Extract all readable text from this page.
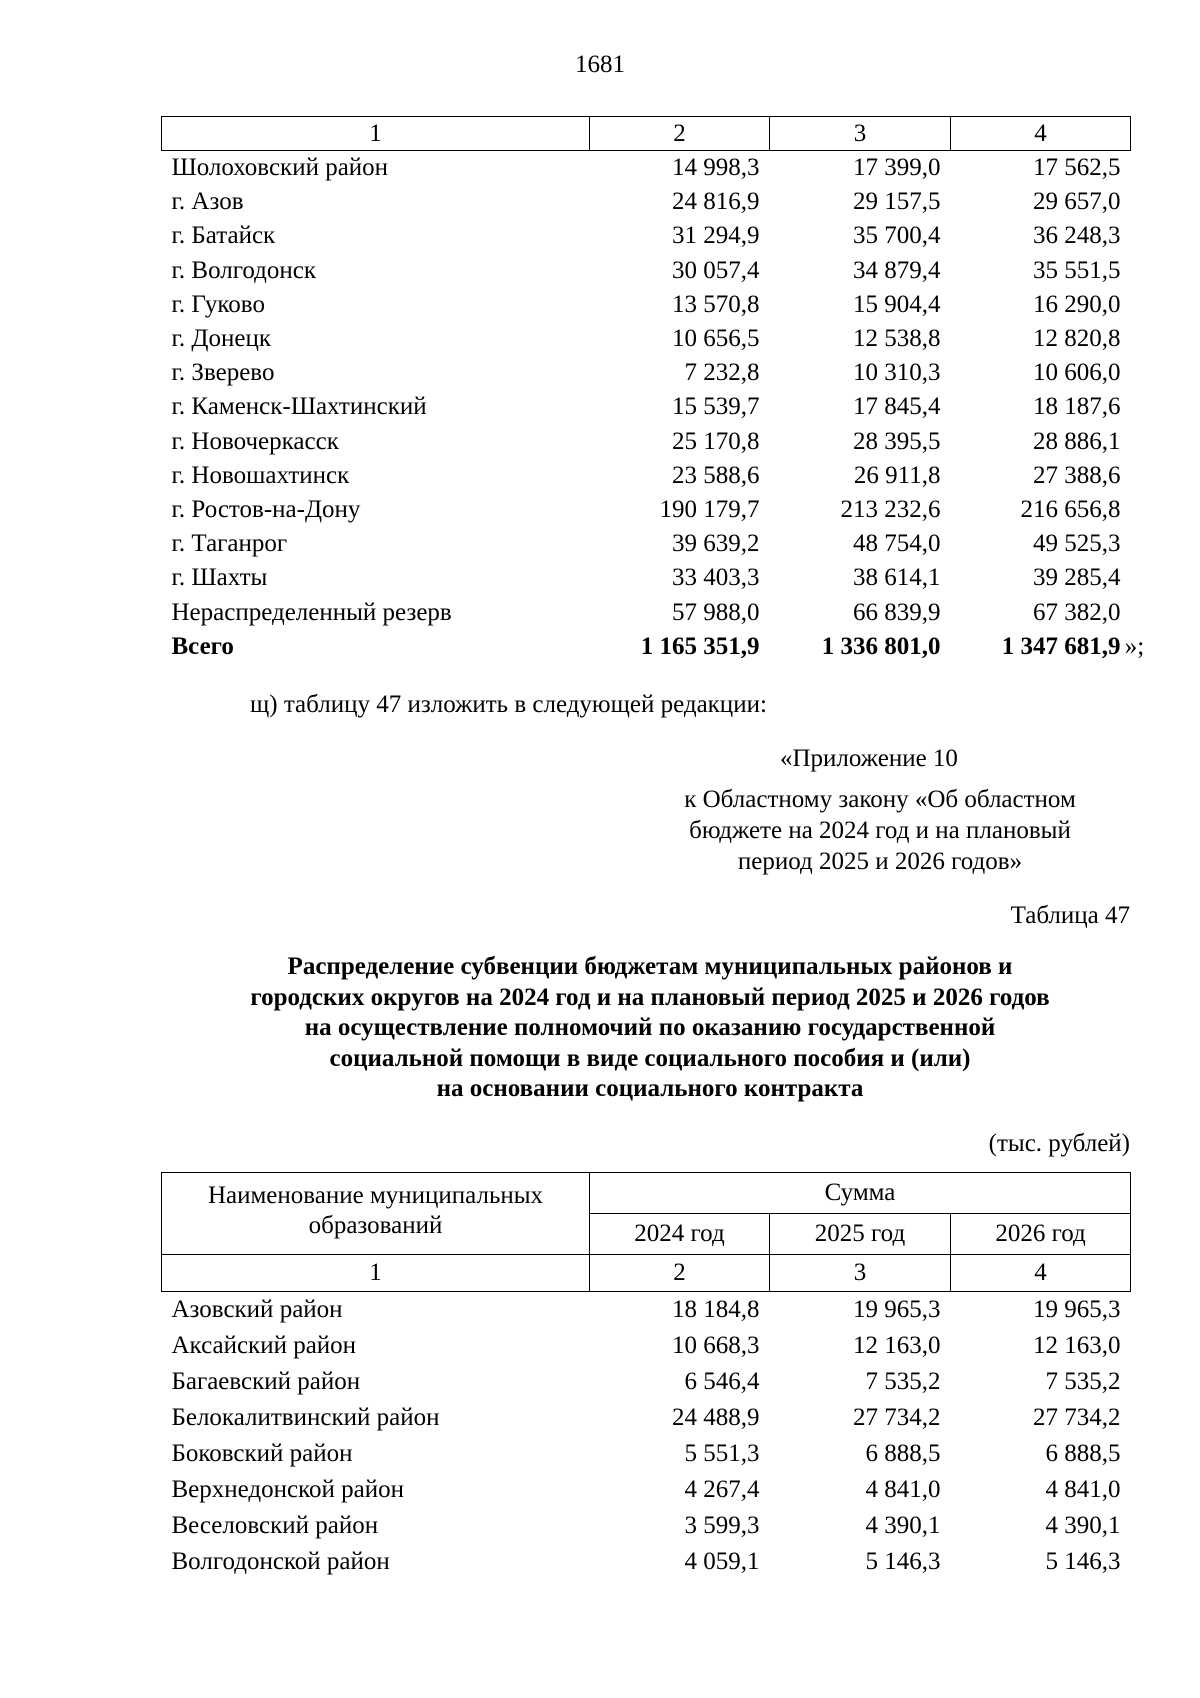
1681
1	2	3	4
Шолоховский район	14 998,3	17 399,0	17 562,5
г. Азов	24 816,9	29 157,5	29 657,0
г. Батайск	31 294,9	35 700,4	36 248,3
г. Волгодонск	30 057,4	34 879,4	35 551,5
г. Гуково	13 570,8	15 904,4	16 290,0
г. Донецк	10 656,5	12 538,8	12 820,8
г. Зверево	7 232,8	10 310,3	10 606,0
г. Каменск-Шахтинский	15 539,7	17 845,4	18 187,6
г. Новочеркасск	25 170,8	28 395,5	28 886,1
г. Новошахтинск	23 588,6	26 911,8	27 388,6
г. Ростов-на-Дону	190 179,7	213 232,6	216 656,8
г. Таганрог	39 639,2	48 754,0	49 525,3
г. Шахты	33 403,3	38 614,1	39 285,4
Нераспределенный резерв	57 988,0	66 839,9	67 382,0
Всего	1 165 351,9	1 336 801,0	1 347 681,9 »;
щ) таблицу 47 изложить в следующей редакции:
«Приложение 10
к Областному закону «Об областном
бюджете на 2024 год и на плановый
период 2025 и 2026 годов»
Таблица 47
Распределение субвенции бюджетам муниципальных районов и
городских округов на 2024 год и на плановый период 2025 и 2026 годов
на осуществление полномочий по оказанию государственной
социальной помощи в виде социального пособия и (или)
на основании социального контракта
(тыс. рублей)
Наименование муниципальных
образований	Сумма		
	2024 год	2025 год	2026 год
1	2	3	4
Азовский район	18 184,8	19 965,3	19 965,3
Аксайский район	10 668,3	12 163,0	12 163,0
Багаевский район	6 546,4	7 535,2	7 535,2
Белокалитвинский район	24 488,9	27 734,2	27 734,2
Боковский район	5 551,3	6 888,5	6 888,5
Верхнедонской район	4 267,4	4 841,0	4 841,0
Веселовский район	3 599,3	4 390,1	4 390,1
Волгодонской район	4 059,1	5 146,3	5 146,3
